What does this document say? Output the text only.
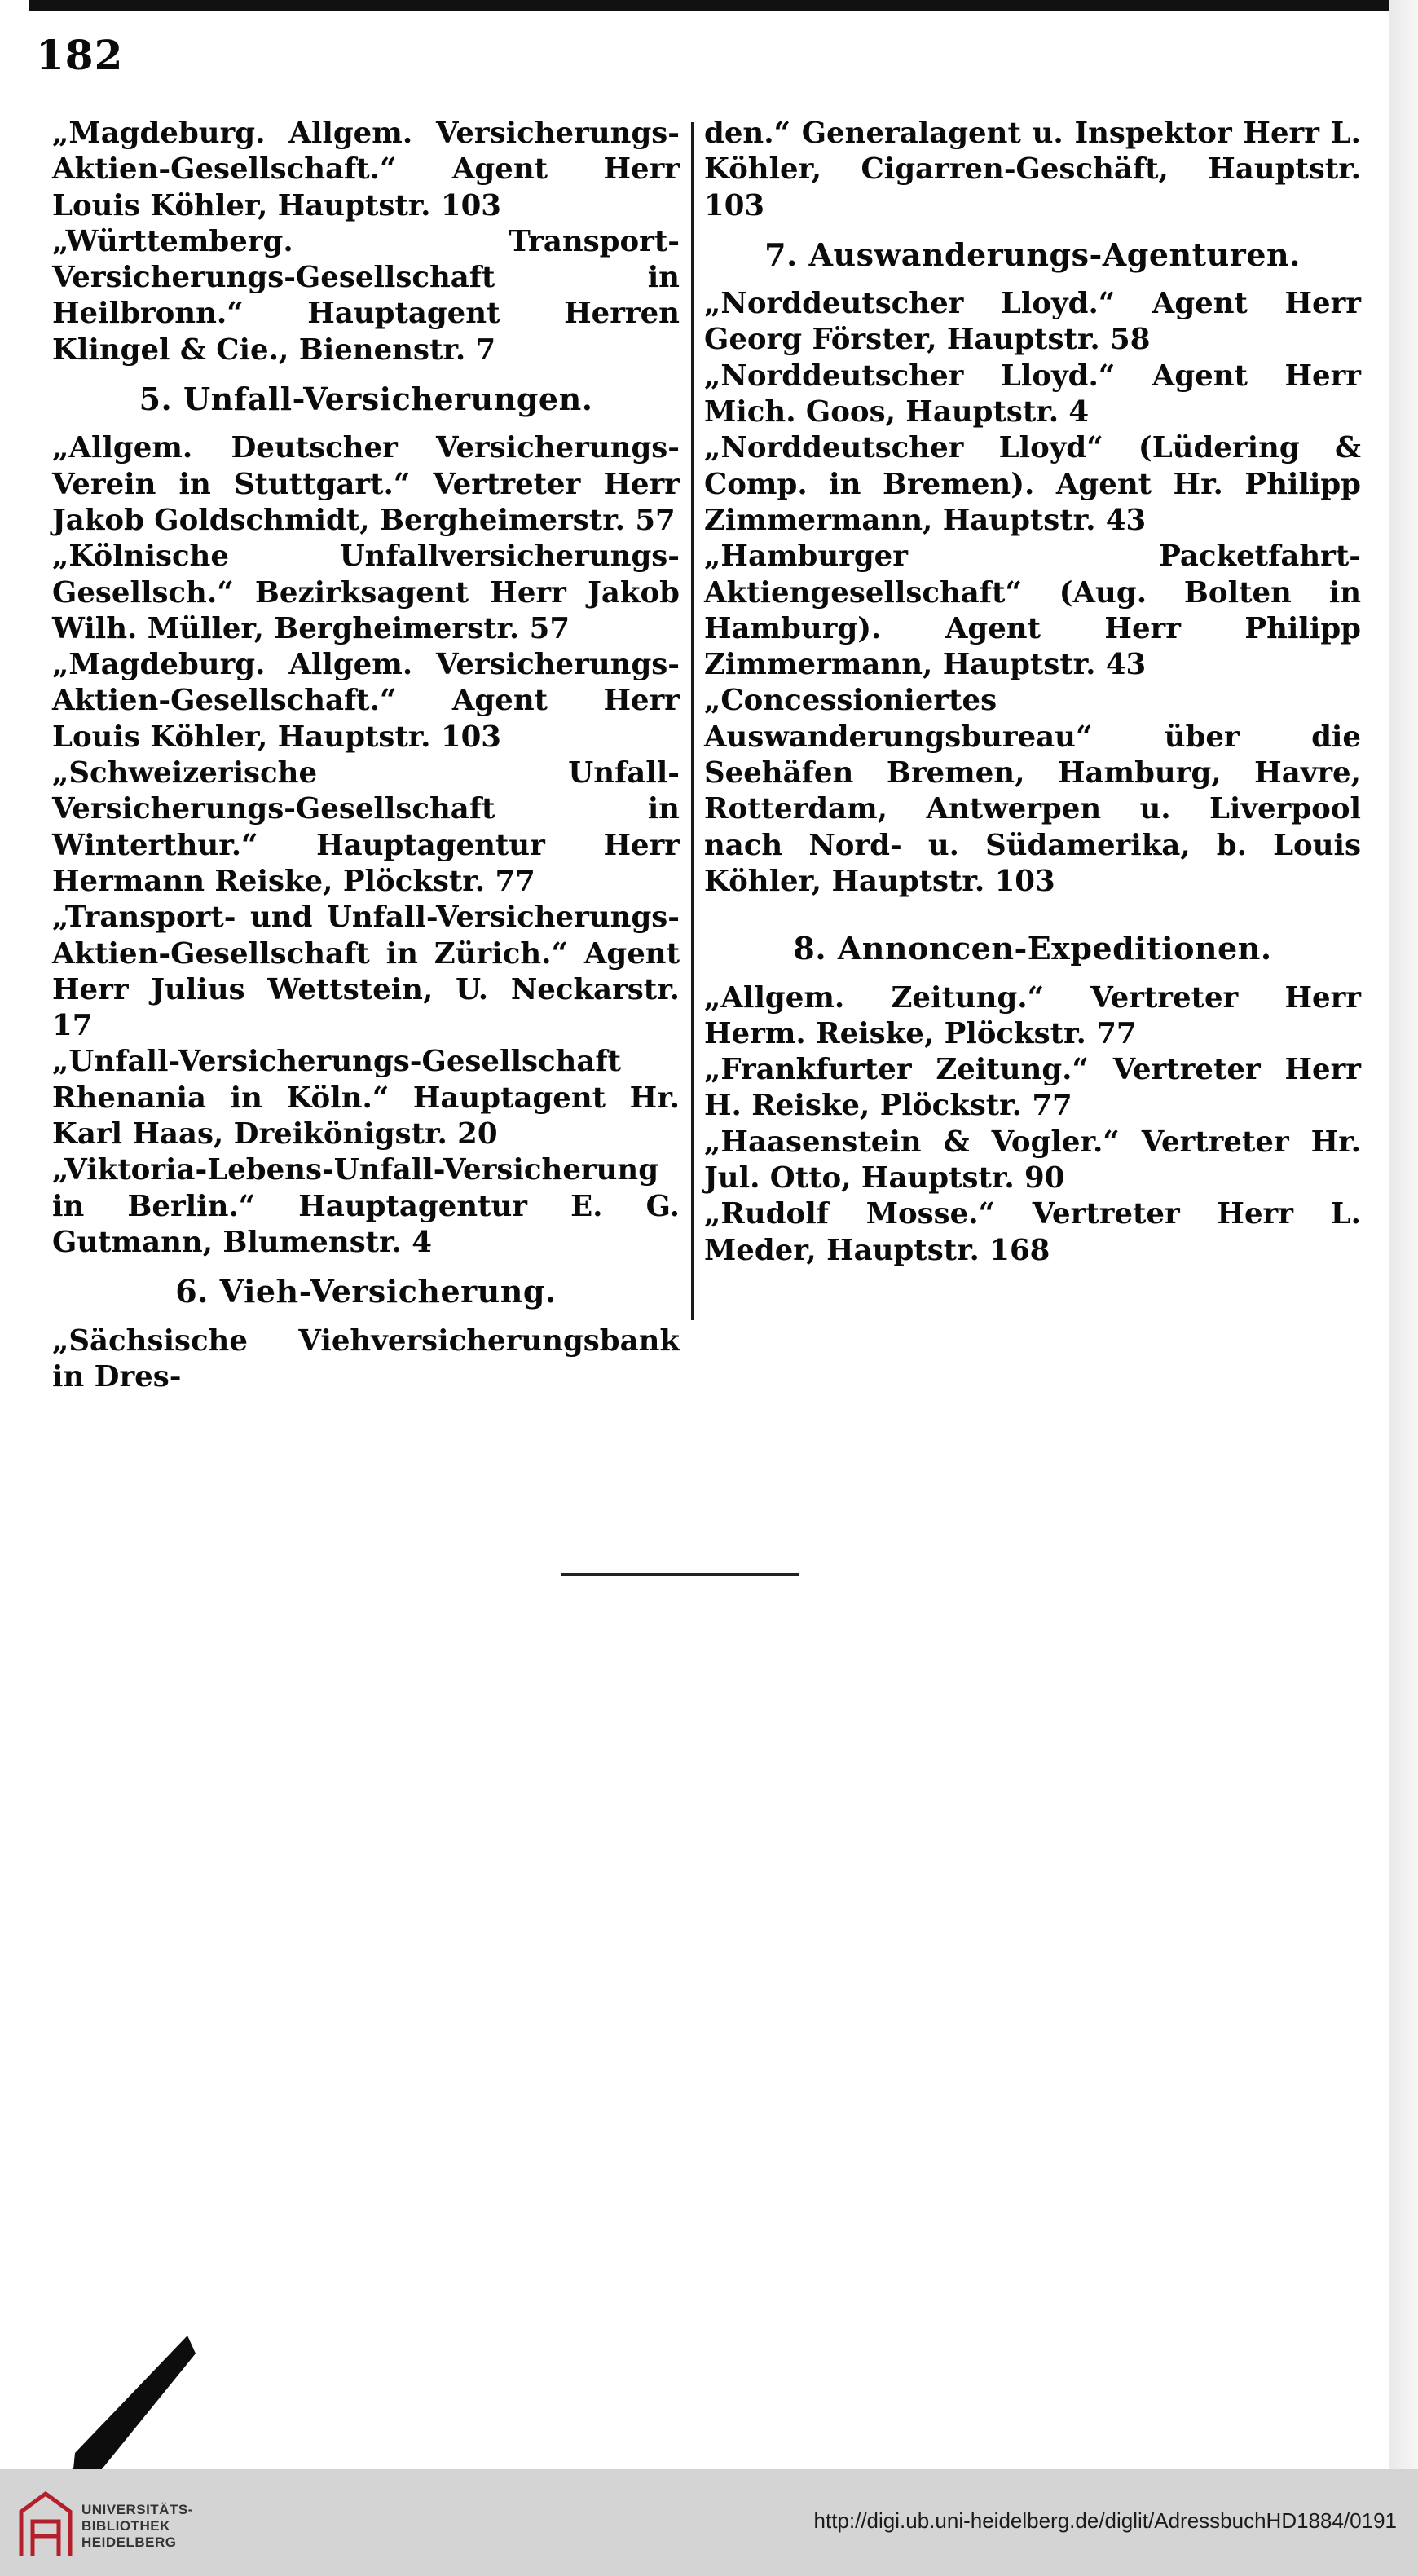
182

„Magdeburg. Allgem. Versicherungs-Aktien-Gesellschaft.“ Agent Herr Louis Köhler, Hauptstr. 103

„Württemberg. Transport-Versicherungs-Gesellschaft in Heilbronn.“ Hauptagent Herren Klingel & Cie., Bienenstr. 7

5. Unfall-Versicherungen.

„Allgem. Deutscher Versicherungs-Verein in Stuttgart.“ Vertreter Herr Jakob Goldschmidt, Bergheimerstr. 57

„Kölnische Unfallversicherungs-Gesellsch.“ Bezirksagent Herr Jakob Wilh. Müller, Bergheimerstr. 57

„Magdeburg. Allgem. Versicherungs-Aktien-Gesellschaft.“ Agent Herr Louis Köhler, Hauptstr. 103

„Schweizerische Unfall-Versicherungs-Gesellschaft in Winterthur.“ Hauptagentur Herr Hermann Reiske, Plöckstr. 77

„Transport- und Unfall-Versicherungs-Aktien-Gesellschaft in Zürich.“ Agent Herr Julius Wettstein, U. Neckarstr. 17

„Unfall-Versicherungs-Gesellschaft Rhenania in Köln.“ Hauptagent Hr. Karl Haas, Dreikönigstr. 20

„Viktoria-Lebens-Unfall-Versicherung in Berlin.“ Hauptagentur E. G. Gutmann, Blumenstr. 4

6. Vieh-Versicherung.

„Sächsische Viehversicherungsbank in Dres-

den.“ Generalagent u. Inspektor Herr L. Köhler, Cigarren-Geschäft, Hauptstr. 103

7. Auswanderungs-Agenturen.

„Norddeutscher Lloyd.“ Agent Herr Georg Förster, Hauptstr. 58

„Norddeutscher Lloyd.“ Agent Herr Mich. Goos, Hauptstr. 4

„Norddeutscher Lloyd“ (Lüdering & Comp. in Bremen). Agent Hr. Philipp Zimmermann, Hauptstr. 43

„Hamburger Packetfahrt-Aktiengesellschaft“ (Aug. Bolten in Hamburg). Agent Herr Philipp Zimmermann, Hauptstr. 43

„Concessioniertes Auswanderungsbureau“ über die Seehäfen Bremen, Hamburg, Havre, Rotterdam, Antwerpen u. Liverpool nach Nord- u. Südamerika, b. Louis Köhler, Hauptstr. 103

8. Annoncen-Expeditionen.

„Allgem. Zeitung.“ Vertreter Herr Herm. Reiske, Plöckstr. 77

„Frankfurter Zeitung.“ Vertreter Herr H. Reiske, Plöckstr. 77

„Haasenstein & Vogler.“ Vertreter Hr. Jul. Otto, Hauptstr. 90

„Rudolf Mosse.“ Vertreter Herr L. Meder, Hauptstr. 168

UNIVERSITÄTS-
BIBLIOTHEK
HEIDELBERG
http://digi.ub.uni-heidelberg.de/diglit/AdressbuchHD1884/0191
